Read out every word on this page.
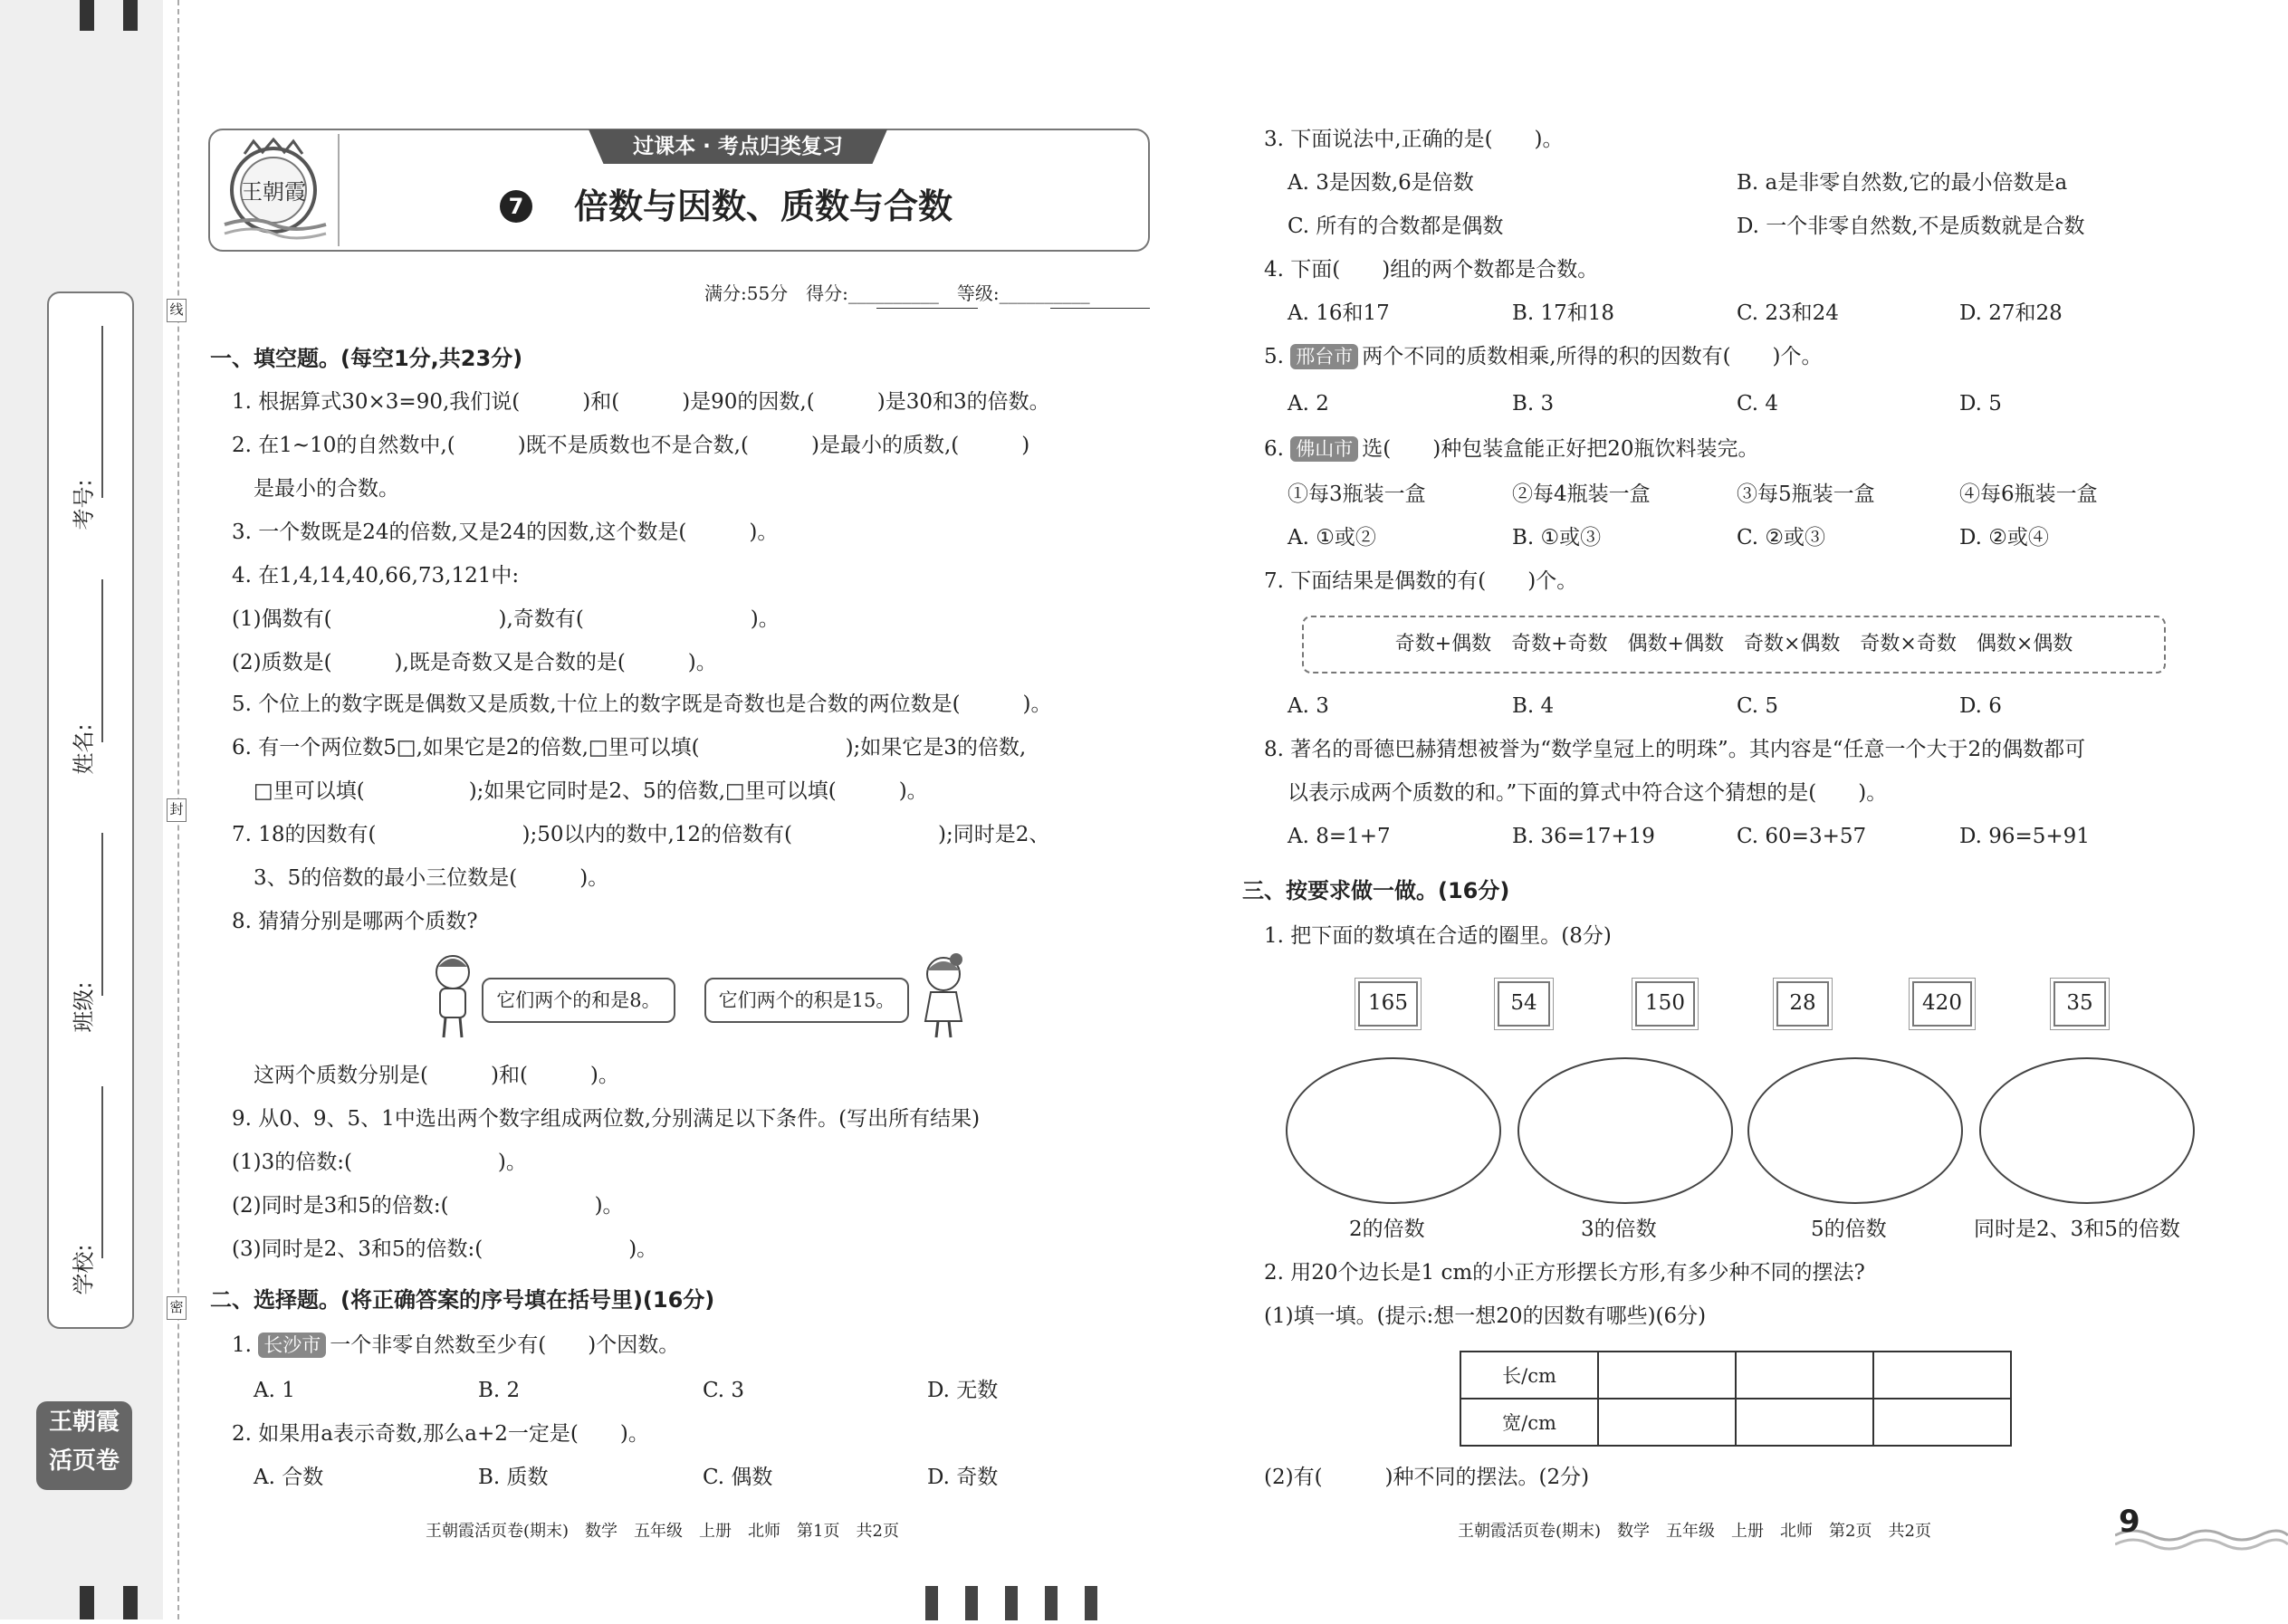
考号:
姓名:
班级:
学校:
王朝霞
活页卷
线
封
密
王朝霞
过课本 · 考点归类复习
7 倍数与因数、质数与合数
满分:55分　得分:__________　等级:__________
一、填空题。(每空1分,共23分)
1. 根据算式30×3=90,我们说(　　　)和(　　　)是90的因数,(　　　)是30和3的倍数。
2. 在1~10的自然数中,(　　　)既不是质数也不是合数,(　　　)是最小的质数,(　　　)
是最小的合数。
3. 一个数既是24的倍数,又是24的因数,这个数是(　　　)。
4. 在1,4,14,40,66,73,121中:
(1)偶数有(　　　　　　　　),奇数有(　　　　　　　　)。
(2)质数是(　　　),既是奇数又是合数的是(　　　)。
5. 个位上的数字既是偶数又是质数,十位上的数字既是奇数也是合数的两位数是(　　　)。
6. 有一个两位数5□,如果它是2的倍数,□里可以填(　　　　　　　);如果它是3的倍数,
□里可以填(　　　　　);如果它同时是2、5的倍数,□里可以填(　　　)。
7. 18的因数有(　　　　　　　);50以内的数中,12的倍数有(　　　　　　　);同时是2、
3、5的倍数的最小三位数是(　　　)。
8. 猜猜分别是哪两个质数?
它们两个的和是8。	它们两个的积是15。
这两个质数分别是(　　　)和(　　　)。
9. 从0、9、5、1中选出两个数字组成两位数,分别满足以下条件。(写出所有结果)
(1)3的倍数:(　　　　　　　)。
(2)同时是3和5的倍数:(　　　　　　　)。
(3)同时是2、3和5的倍数:(　　　　　　　)。
二、选择题。(将正确答案的序号填在括号里)(16分)
1. 长沙市 一个非零自然数至少有(　　)个因数。
A. 1	B. 2	C. 3	D. 无数
2. 如果用a表示奇数,那么a+2一定是(　　)。
A. 合数	B. 质数	C. 偶数	D. 奇数
王朝霞活页卷(期末)　数学　五年级　上册　北师　第1页　共2页
3. 下面说法中,正确的是(　　)。
A. 3是因数,6是倍数	B. a是非零自然数,它的最小倍数是a
C. 所有的合数都是偶数	D. 一个非零自然数,不是质数就是合数
4. 下面(　　)组的两个数都是合数。
A. 16和17	B. 17和18	C. 23和24	D. 27和28
5. 邢台市 两个不同的质数相乘,所得的积的因数有(　　)个。
A. 2	B. 3	C. 4	D. 5
6. 佛山市 选(　　)种包装盒能正好把20瓶饮料装完。
①每3瓶装一盒	②每4瓶装一盒	③每5瓶装一盒	④每6瓶装一盒
A. ①或②	B. ①或③	C. ②或③	D. ②或④
7. 下面结果是偶数的有(　　)个。
奇数+偶数　奇数+奇数　偶数+偶数　奇数×偶数　奇数×奇数　偶数×偶数
A. 3	B. 4	C. 5	D. 6
8. 著名的哥德巴赫猜想被誉为“数学皇冠上的明珠”。其内容是“任意一个大于2的偶数都可
以表示成两个质数的和。”下面的算式中符合这个猜想的是(　　)。
A. 8=1+7	B. 36=17+19	C. 60=3+57	D. 96=5+91
三、按要求做一做。(16分)
1. 把下面的数填在合适的圈里。(8分)
165	54	150	28	420	35
2的倍数	3的倍数	5的倍数	同时是2、3和5的倍数
2. 用20个边长是1 cm的小正方形摆长方形,有多少种不同的摆法?
(1)填一填。(提示:想一想20的因数有哪些)(6分)
长/cm			
宽/cm			
(2)有(　　　)种不同的摆法。(2分)
王朝霞活页卷(期末)　数学　五年级　上册　北师　第2页　共2页	9
